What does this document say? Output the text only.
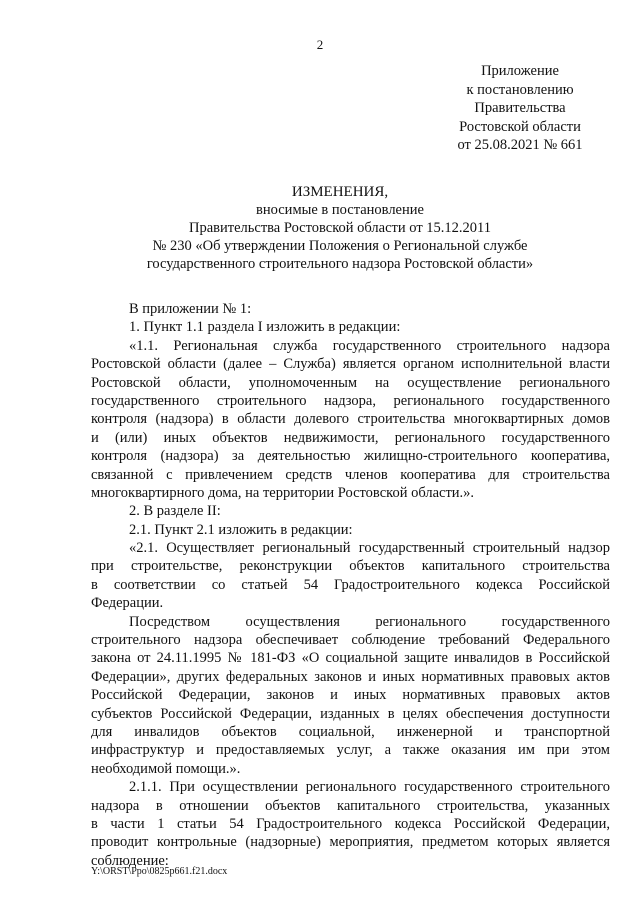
2
Приложение
к постановлению
Правительства
Ростовской области
от 25.08.2021 № 661
ИЗМЕНЕНИЯ,
вносимые в постановление
Правительства Ростовской области от 15.12.2011
№ 230 «Об утверждении Положения о Региональной службе
государственного строительного надзора Ростовской области»
В приложении № 1:
1. Пункт 1.1 раздела I изложить в редакции:
«1.1. Региональная служба государственного строительного надзора
Ростовской области (далее – Служба) является органом исполнительной власти
Ростовской области, уполномоченным на осуществление регионального
государственного строительного надзора, регионального государственного
контроля (надзора) в области долевого строительства многоквартирных домов
и (или) иных объектов недвижимости, регионального государственного
контроля (надзора) за деятельностью жилищно-строительного кооператива,
связанной с привлечением средств членов кооператива для строительства
многоквартирного дома, на территории Ростовской области.».
2. В разделе II:
2.1. Пункт 2.1 изложить в редакции:
«2.1. Осуществляет региональный государственный строительный надзор
при строительстве, реконструкции объектов капитального строительства
в соответствии со статьей 54 Градостроительного кодекса Российской
Федерации.
Посредством осуществления регионального государственного
строительного надзора обеспечивает соблюдение требований Федерального
закона от 24.11.1995 № 181-ФЗ «О социальной защите инвалидов в Российской
Федерации», других федеральных законов и иных нормативных правовых актов
Российской Федерации, законов и иных нормативных правовых актов
субъектов Российской Федерации, изданных в целях обеспечения доступности
для инвалидов объектов социальной, инженерной и транспортной
инфраструктур и предоставляемых услуг, а также оказания им при этом
необходимой помощи.».
2.1.1. При осуществлении регионального государственного строительного
надзора в отношении объектов капитального строительства, указанных
в части 1 статьи 54 Градостроительного кодекса Российской Федерации,
проводит контрольные (надзорные) мероприятия, предметом которых является
соблюдение:
Y:\ORST\Ppo\0825p661.f21.docx
